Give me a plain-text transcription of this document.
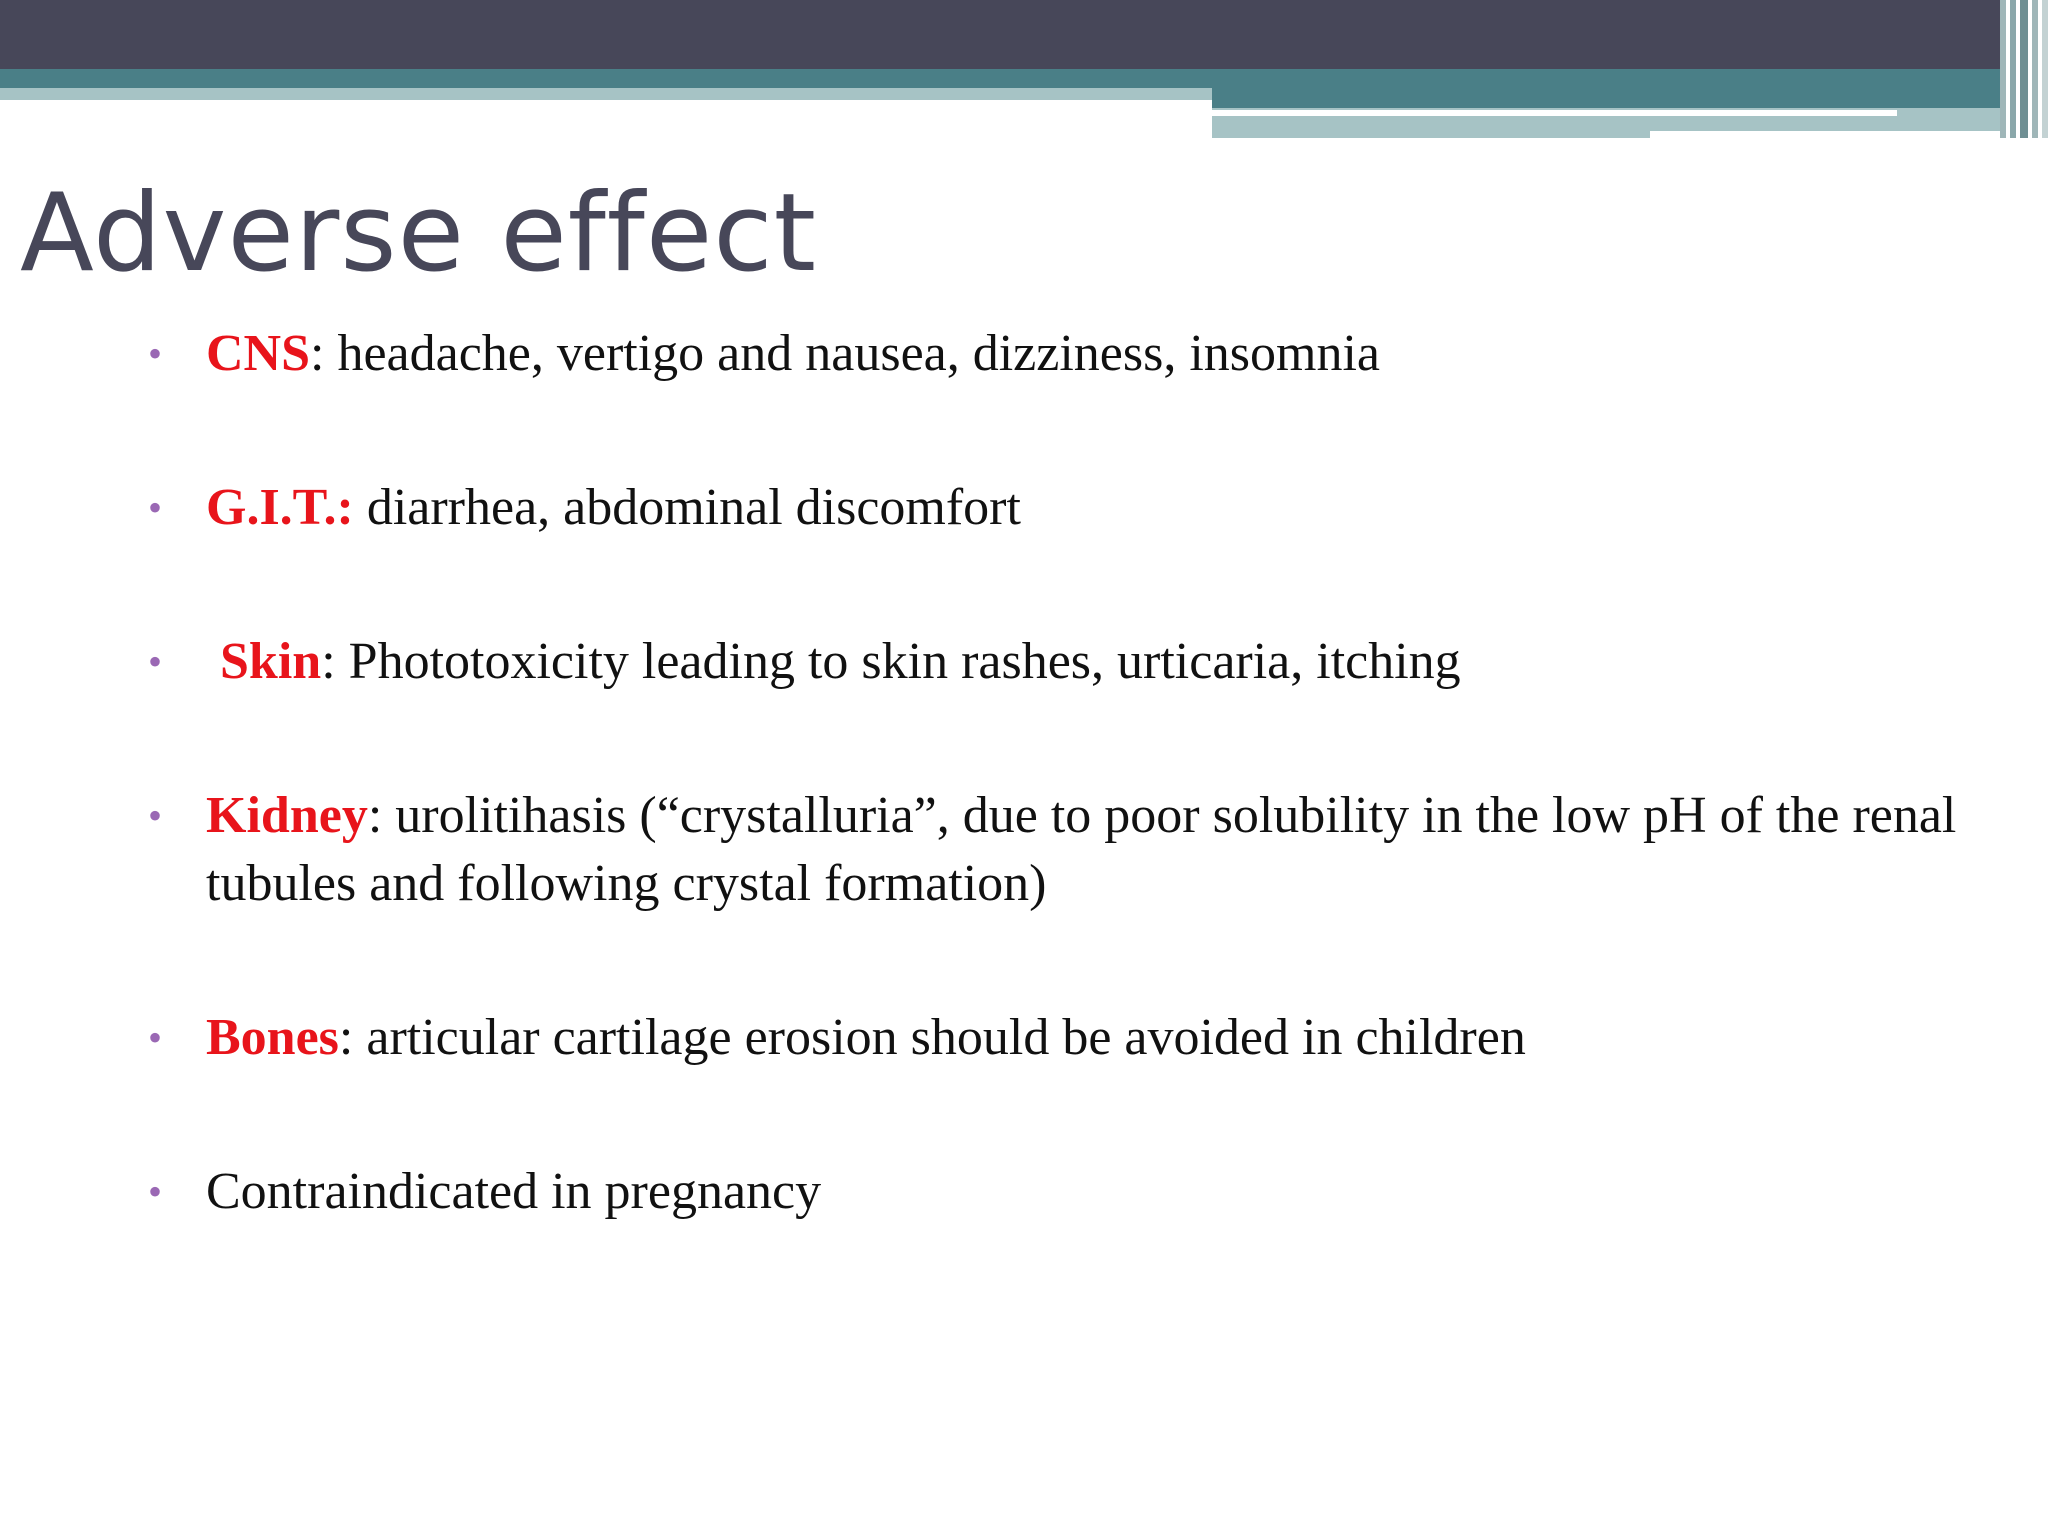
Adverse effect
• CNS: headache, vertigo and nausea, dizziness, insomnia
• G.I.T.: diarrhea, abdominal discomfort
• Skin: Phototoxicity leading to skin rashes, urticaria, itching
• Kidney: urolitihasis (“crystalluria”, due to poor solubility in the low pH of the renal tubules and following crystal formation)
• Bones: articular cartilage erosion should be avoided in children
• Contraindicated in pregnancy
